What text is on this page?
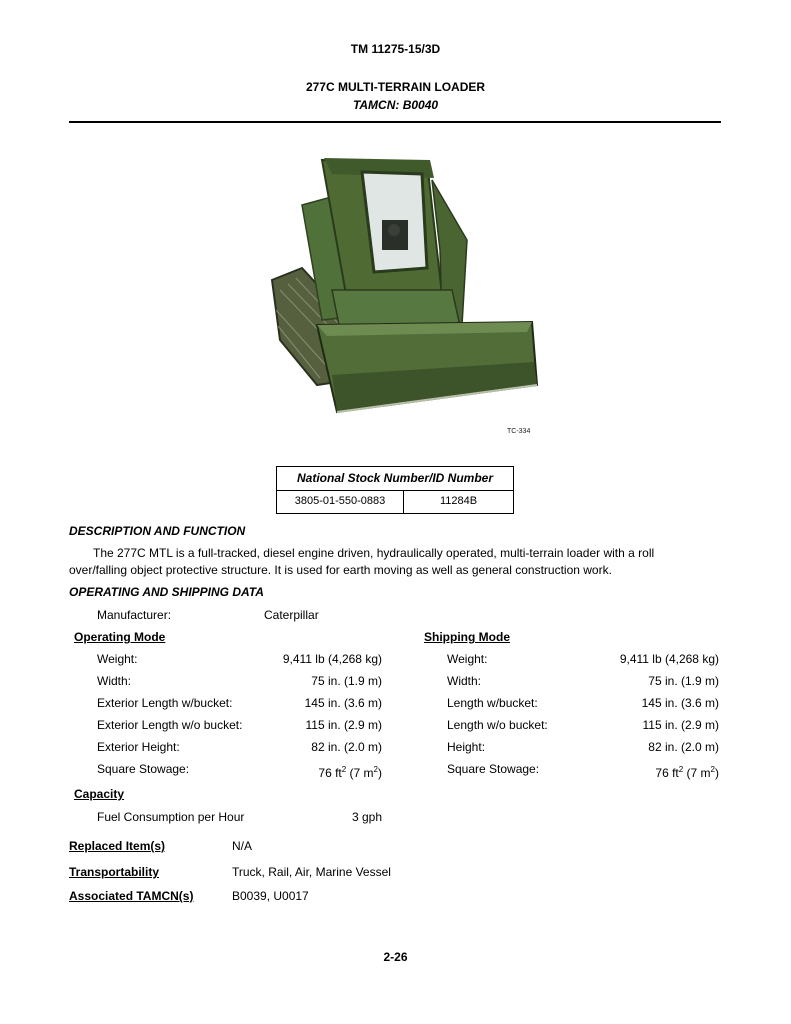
TM 11275-15/3D
277C MULTI-TERRAIN LOADER
TAMCN: B0040
TC-334
National Stock Number/ID Number
3805-01-550-0883	11284B
DESCRIPTION AND FUNCTION
The 277C MTL is a full-tracked, diesel engine driven, hydraulically operated, multi-terrain loader with a roll
over/falling object protective structure. It is used for earth moving as well as general construction work.
OPERATING AND SHIPPING DATA
Manufacturer:	Caterpillar
Operating Mode	Shipping Mode
Weight:	9,411 lb (4,268 kg)
Width:	75 in. (1.9 m)
Exterior Length w/bucket:	145 in. (3.6 m)
Exterior Length w/o bucket:	115 in. (2.9 m)
Exterior Height:	82 in. (2.0 m)
Square Stowage:	76 $ft^2$ (7 $m^2$)
Weight:	9,411 lb (4,268 kg)
Width:	75 in. (1.9 m)
Length w/bucket:	145 in. (3.6 m)
Length w/o bucket:	115 in. (2.9 m)
Height:	82 in. (2.0 m)
Square Stowage:	76 $ft^2$ (7 $m^2$)
Capacity
Fuel Consumption per Hour	3 gph
Replaced Item(s)	N/A
Transportability	Truck, Rail, Air, Marine Vessel
Associated TAMCN(s)	B0039, U0017
2-26
